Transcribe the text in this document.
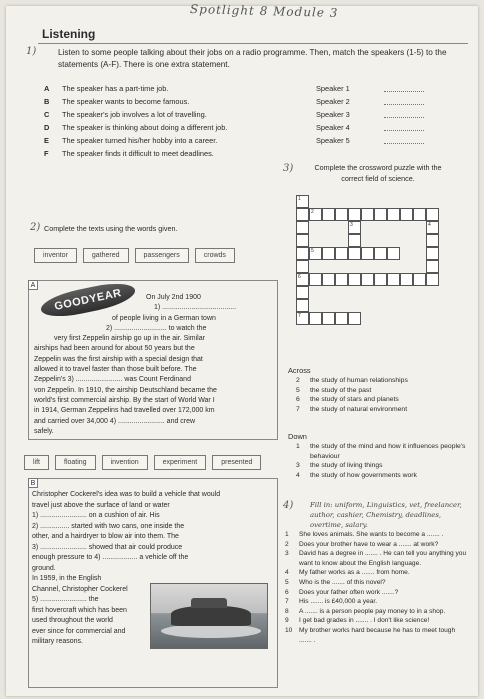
Spotlight 8 Module 3
Listening
1)	Listen to some people talking about their jobs on a radio programme. Then, match the speakers (1-5) to the statements (A-F). There is one extra statement.
A	The speaker has a part-time job.	Speaker 1
B	The speaker wants to become famous.	Speaker 2
C	The speaker's job involves a lot of travelling.	Speaker 3
D	The speaker is thinking about doing a different job.	Speaker 4
E	The speaker turned his/her hobby into a career.	Speaker 5
F	The speaker finds it difficult to meet deadlines.
3)	Complete the crossword puzzle with the correct field of science.
2) Complete the texts using the words given.
inventor	gathered	passengers	crowds
A
GOODYEAR	On July 2nd 1900
1) ......................................
of people living in a German town
2) ........................... to watch the
very first Zeppelin airship go up in the air. Similar
airships had been around for about 50 years but the
Zeppelin was the first airship with a special design that
allowed it to travel faster than those built before. The
Zeppelin's 3) ........................ was Count Ferdinand
von Zeppelin. In 1910, the airship Deutschland became the
world's first commercial airship. By the start of World War I
in 1914, German Zeppelins had travelled over 172,000 km
and carried over 34,000 4) ........................ and crew
safely.
lift	floating	invention	experiment	presented
B
Christopher Cockerel's idea was to build a vehicle that would
travel just above the surface of land or water
1) ........................ on a cushion of air. His
2) ............... started with two cans, one inside the
other, and a hairdryer to blow air into them. The
3) ........................ showed that air could produce
enough pressure to 4) .................. a vehicle off the
ground.
In 1959, in the English
Channel, Christopher Cockerel
5) ........................ the
first hovercraft which has been
used throughout the world
ever since for commercial and
military reasons.
1
2
3	4
5
6
7
Across
2	the study of human relationships
5	the study of the past
6	the study of stars and planets
7	the study of natural environment
Down
1	the study of the mind and how it influences people's behaviour
3	the study of living things
4	the study of how governments work
4)	Fill in: uniform, Linguistics, vet, freelancer, author, cashier, Chemistry, deadlines, overtime, salary.
1	She loves animals. She wants to become a ....... .
2	Does your brother have to wear a ....... at work?
3	David has a degree in ....... . He can tell you anything you want to know about the English language.
4	My father works as a ....... from home.
5	Who is the ....... of this novel?
6	Does your father often work .......?
7	His ....... is £40,000 a year.
8	A ....... is a person people pay money to in a shop.
9	I get bad grades in ....... . I don't like science!
10	My brother works hard because he has to meet tough ....... .
